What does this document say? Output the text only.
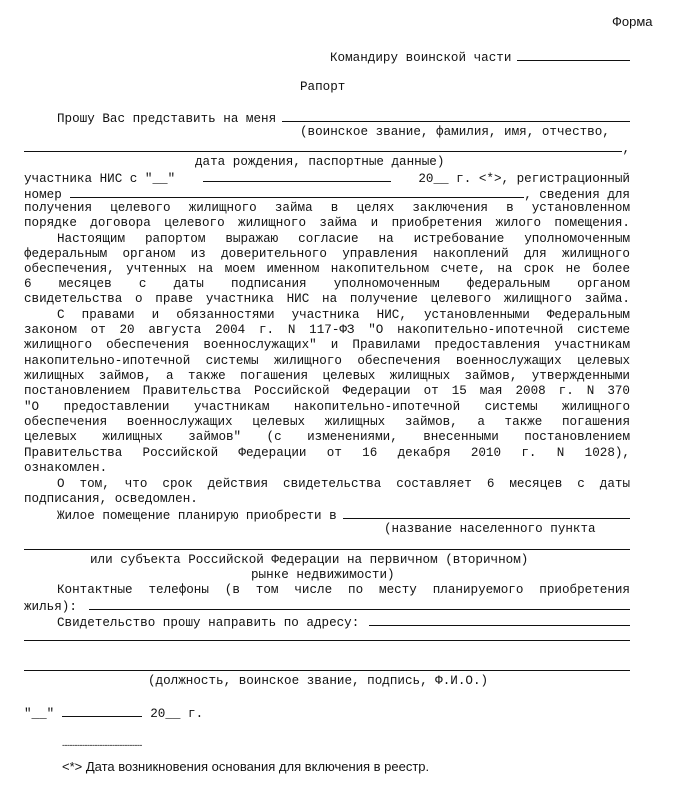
Форма
Командиру воинской части
Рапорт
Прошу Вас представить на меня
(воинское звание, фамилия, имя, отчество,
,
дата рождения, паспортные данные)
участника НИС с "__"	20__ г. <*>, регистрационный
номер	, сведения для
получения целевого жилищного займа в целях заключения в установленном
порядке договора целевого жилищного займа и приобретения жилого помещения.
Настоящим рапортом выражаю согласие на истребование уполномоченным
федеральным органом из доверительного управления накоплений для жилищного
обеспечения, учтенных на моем именном накопительном счете, на срок не более
6 месяцев с даты подписания уполномоченным федеральным органом
свидетельства о праве участника НИС на получение целевого жилищного займа.
С правами и обязанностями участника НИС, установленными Федеральным
законом от 20 августа 2004 г. N 117-ФЗ "О накопительно-ипотечной системе
жилищного обеспечения военнослужащих" и Правилами предоставления участникам
накопительно-ипотечной системы жилищного обеспечения военнослужащих целевых
жилищных займов, а также погашения целевых жилищных займов, утвержденными
постановлением Правительства Российской Федерации от 15 мая 2008 г. N 370
"О предоставлении участникам накопительно-ипотечной системы жилищного
обеспечения военнослужащих целевых жилищных займов, а также погашения
целевых жилищных займов" (с изменениями, внесенными постановлением
Правительства Российской Федерации от 16 декабря 2010 г. N 1028),
ознакомлен.
О том, что срок действия свидетельства составляет 6 месяцев с даты
подписания, осведомлен.
Жилое помещение планирую приобрести в
(название населенного пункта
или субъекта Российской Федерации на первичном (вторичном)
рынке недвижимости)
Контактные телефоны (в том числе по месту планируемого приобретения
жилья):
Свидетельство прошу направить по адресу:
(должность, воинское звание, подпись, Ф.И.О.)
"__"	20__ г.
--------------------------------
<*> Дата возникновения основания для включения в реестр.
